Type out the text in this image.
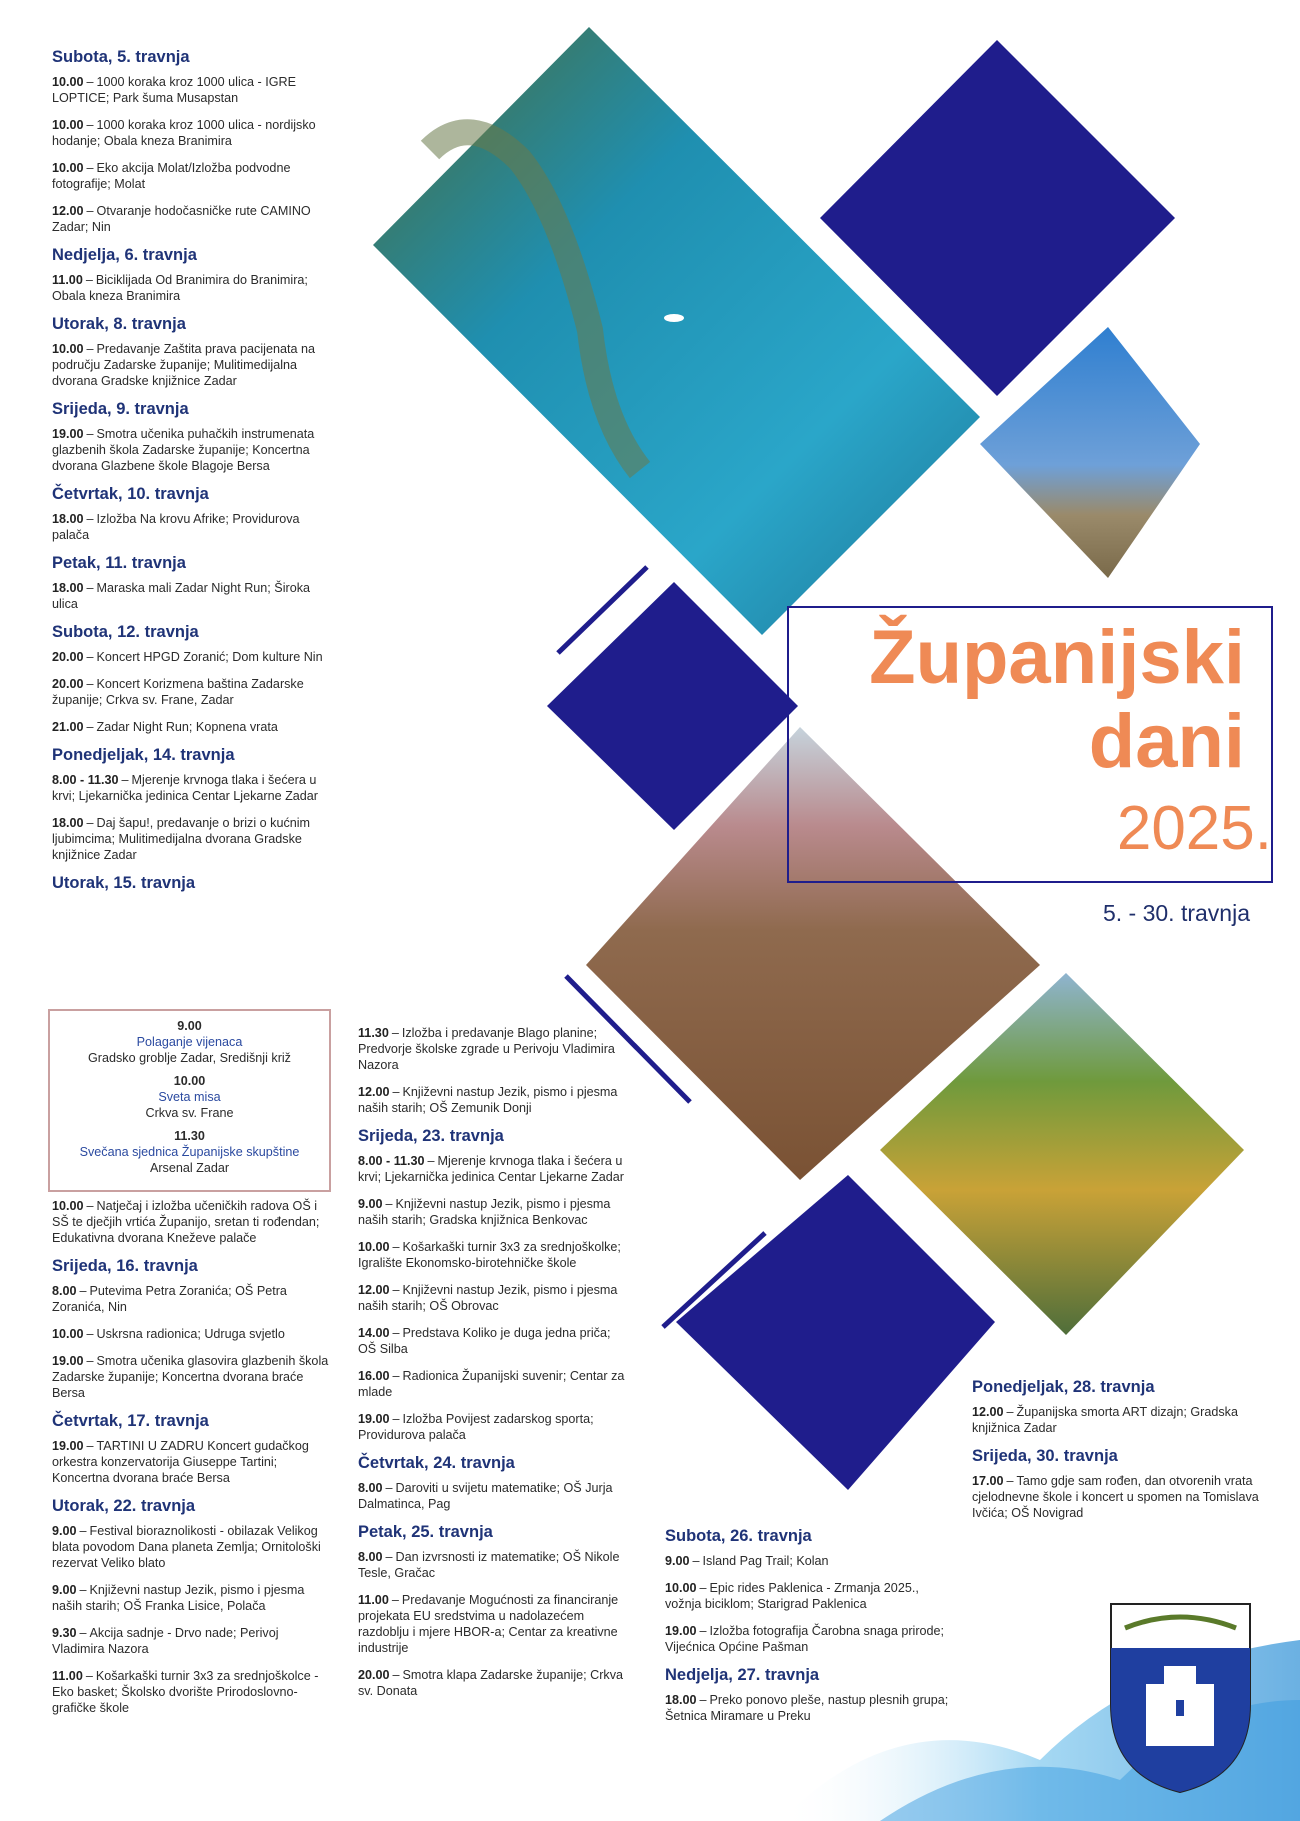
Županijski
dani
2025.
5. - 30. travnja
Subota, 5. travnja
10.00 – 1000 koraka kroz 1000 ulica - IGRE LOPTICE; Park šuma Musapstan
10.00 – 1000 koraka kroz 1000 ulica - nordijsko hodanje; Obala kneza Branimira
10.00 – Eko akcija Molat/Izložba podvodne fotografije; Molat
12.00 – Otvaranje hodočasničke rute CAMINO Zadar; Nin
Nedjelja, 6. travnja
11.00 – Biciklijada Od Branimira do Branimira; Obala kneza Branimira
Utorak, 8. travnja
10.00 – Predavanje Zaštita prava pacijenata na području Zadarske županije; Mulitimedijalna dvorana Gradske knjižnice Zadar
Srijeda, 9. travnja
19.00 – Smotra učenika puhačkih instrumenata glazbenih škola Zadarske županije; Koncertna dvorana Glazbene škole Blagoje Bersa
Četvrtak, 10. travnja
18.00 – Izložba Na krovu Afrike; Providurova palača
Petak, 11. travnja
18.00 – Maraska mali Zadar Night Run; Široka ulica
Subota, 12. travnja
20.00 – Koncert HPGD Zoranić; Dom kulture Nin
20.00 – Koncert Korizmena baština Zadarske županije; Crkva sv. Frane, Zadar
21.00 – Zadar Night Run; Kopnena vrata
Ponedjeljak, 14. travnja
8.00 - 11.30 – Mjerenje krvnoga tlaka i šećera u krvi; Ljekarnička jedinica Centar Ljekarne Zadar
18.00 – Daj šapu!, predavanje o brizi o kućnim ljubimcima; Mulitimedijalna dvorana Gradske knjižnice Zadar
Utorak, 15. travnja
9.00
Polaganje vijenaca
Gradsko groblje Zadar, Središnji križ
10.00
Sveta misa
Crkva sv. Frane
11.30
Svečana sjednica Županijske skupštine
Arsenal Zadar
10.00 – Natječaj i izložba učeničkih radova OŠ i SŠ te dječjih vrtića Županijo, sretan ti rođendan; Edukativna dvorana Kneževe palače
Srijeda, 16. travnja
8.00 – Putevima Petra Zoranića; OŠ Petra Zoranića, Nin
10.00 – Uskrsna radionica; Udruga svjetlo
19.00 – Smotra učenika glasovira glazbenih škola Zadarske županije; Koncertna dvorana braće Bersa
Četvrtak, 17. travnja
19.00 – TARTINI U ZADRU Koncert gudačkog orkestra konzervatorija Giuseppe Tartini; Koncertna dvorana braće Bersa
Utorak, 22. travnja
9.00 – Festival bioraznolikosti - obilazak Velikog blata povodom Dana planeta Zemlja; Ornitološki rezervat Veliko blato
9.00 – Književni nastup Jezik, pismo i pjesma naših starih; OŠ Franka Lisice, Polača
9.30 – Akcija sadnje - Drvo nade; Perivoj Vladimira Nazora
11.00 – Košarkaški turnir 3x3 za srednjoškolce - Eko basket; Školsko dvorište Prirodoslovno-grafičke škole
11.30 – Izložba i predavanje Blago planine; Predvorje školske zgrade u Perivoju Vladimira Nazora
12.00 – Književni nastup Jezik, pismo i pjesma naših starih; OŠ Zemunik Donji
Srijeda, 23. travnja
8.00 - 11.30 – Mjerenje krvnoga tlaka i šećera u krvi; Ljekarnička jedinica Centar Ljekarne Zadar
9.00 – Književni nastup Jezik, pismo i pjesma naših starih; Gradska knjižnica Benkovac
10.00 – Košarkaški turnir 3x3 za srednjoškolke; Igralište Ekonomsko-birotehničke škole
12.00 – Književni nastup Jezik, pismo i pjesma naših starih; OŠ Obrovac
14.00 – Predstava Koliko je duga jedna priča; OŠ Silba
16.00 – Radionica Županijski suvenir; Centar za mlade
19.00 – Izložba Povijest zadarskog sporta; Providurova palača
Četvrtak, 24. travnja
8.00 – Daroviti u svijetu matematike; OŠ Jurja Dalmatinca, Pag
Petak, 25. travnja
8.00 – Dan izvrsnosti iz matematike; OŠ Nikole Tesle, Gračac
11.00 – Predavanje Mogućnosti za financiranje projekata EU sredstvima u nadolazećem razdoblju i mjere HBOR-a; Centar za kreativne industrije
20.00 – Smotra klapa Zadarske županije; Crkva sv. Donata
Subota, 26. travnja
9.00 – Island Pag Trail; Kolan
10.00 – Epic rides Paklenica - Zrmanja 2025., vožnja biciklom; Starigrad Paklenica
19.00 – Izložba fotografija Čarobna snaga prirode; Vijećnica Općine Pašman
Nedjelja, 27. travnja
18.00 – Preko ponovo pleše, nastup plesnih grupa; Šetnica Miramare u Preku
Ponedjeljak, 28. travnja
12.00 – Županijska smorta ART dizajn; Gradska knjižnica Zadar
Srijeda, 30. travnja
17.00 – Tamo gdje sam rođen, dan otvorenih vrata cjelodnevne škole i koncert u spomen na Tomislava Ivčića; OŠ Novigrad
